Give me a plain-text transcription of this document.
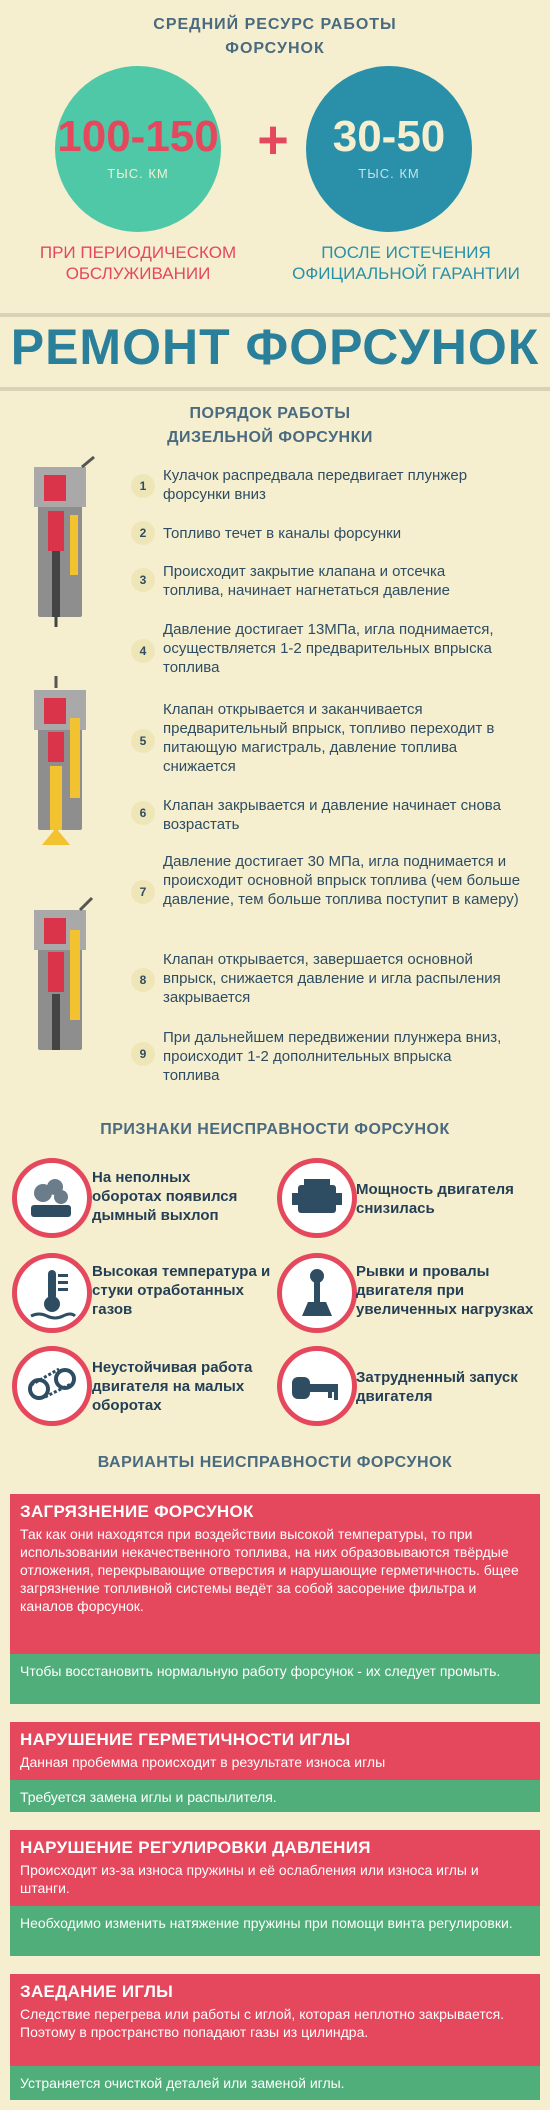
СРЕДНИЙ РЕСУРС РАБОТЫ
ФОРСУНОК
100-150
ТЫС. КМ
+ 30-50
ТЫС. КМ
ПРИ ПЕРИОДИЧЕСКОМ
ОБСЛУЖИВАНИИ
ПОСЛЕ ИСТЕЧЕНИЯ
ОФИЦИАЛЬНОЙ ГАРАНТИИ
РЕМОНТ ФОРСУНОК
ПОРЯДОК РАБОТЫ
ДИЗЕЛЬНОЙ ФОРСУНКИ
1
Кулачок распредвала передвигает плунжер форсунки вниз
2	Топливо течет в каналы форсунки
3	Происходит закрытие клапана и отсечка топлива, начинает нагнетаться давление
4
Давление достигает 13МПа, игла поднимается, осуществляется 1-2 предварительных впрыска топлива
5
Клапан открывается и заканчивается предварительный впрыск, топливо переходит в питающую магистраль, давление топлива снижается
6	Клапан закрывается и давление начинает снова возрастать
7
Давление достигает 30 МПа, игла поднимается и происходит основной впрыск топлива (чем больше давление, тем больше топлива поступит в камеру)
8
Клапан открывается, завершается основной впрыск, снижается давление и игла распыления закрывается
9
При дальнейшем передвижении плунжера вниз, происходит 1-2 дополнительных впрыска топлива
ПРИЗНАКИ НЕИСПРАВНОСТИ ФОРСУНОК
На неполных оборотах появился дымный выхлоп
Мощность двигателя снизилась
Высокая температура и стуки отработанных газов
Рывки и провалы двигателя при увеличенных нагрузках
Неустойчивая работа двигателя на малых оборотах
Затрудненный запуск двигателя
ВАРИАНТЫ НЕИСПРАВНОСТИ ФОРСУНОК
ЗАГРЯЗНЕНИЕ ФОРСУНОК
Так как они находятся при воздействии высокой температуры, то при использовании некачественного топлива, на них образовываются твёрдые отложения, перекрывающие отверстия и нарушающие герметичность. бщее загрязнение топливной системы ведёт за собой засорение фильтра и каналов форсунок.
Чтобы восстановить нормальную работу форсунок - их следует промыть.
НАРУШЕНИЕ ГЕРМЕТИЧНОСТИ ИГЛЫ
Данная пробемма происходит в результате износа иглы
Требуется замена иглы и распылителя.
НАРУШЕНИЕ РЕГУЛИРОВКИ ДАВЛЕНИЯ
Происходит из-за износа пружины и её ослабления или износа иглы и штанги.
Необходимо изменить натяжение пружины при помощи винта регулировки.
ЗАЕДАНИЕ ИГЛЫ
Следствие перегрева или работы с иглой, которая неплотно закрывается. Поэтому в пространство попадают газы из цилиндра.
Устраняется очисткой деталей или заменой иглы.
